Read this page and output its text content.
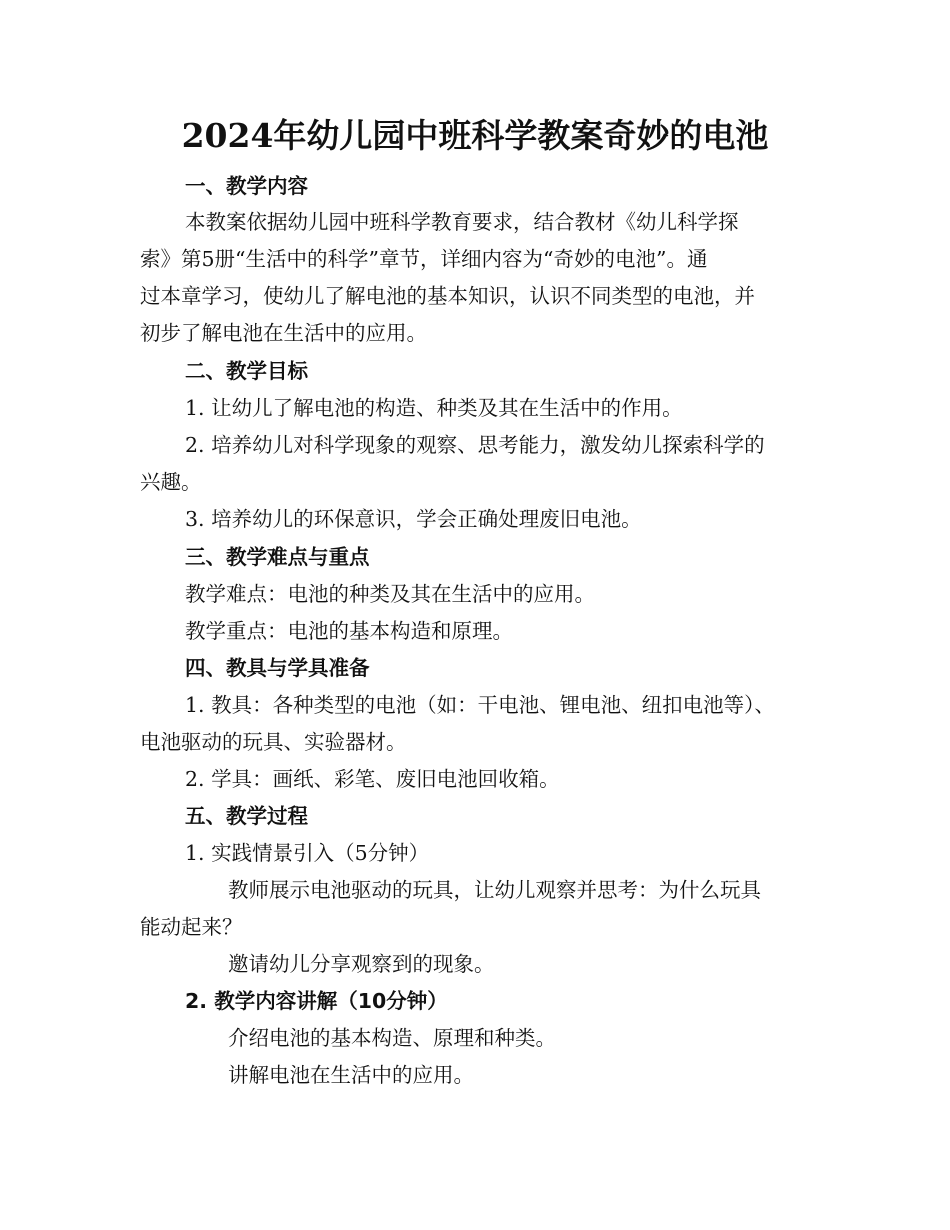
2024年幼儿园中班科学教案奇妙的电池
一、教学内容
本教案依据幼儿园中班科学教育要求，结合教材《幼儿科学探
索》第5册“生活中的科学”章节，详细内容为“奇妙的电池”。通
过本章学习，使幼儿了解电池的基本知识，认识不同类型的电池，并
初步了解电池在生活中的应用。
二、教学目标
1. 让幼儿了解电池的构造、种类及其在生活中的作用。
2. 培养幼儿对科学现象的观察、思考能力，激发幼儿探索科学的
兴趣。
3. 培养幼儿的环保意识，学会正确处理废旧电池。
三、教学难点与重点
教学难点：电池的种类及其在生活中的应用。
教学重点：电池的基本构造和原理。
四、教具与学具准备
1. 教具：各种类型的电池（如：干电池、锂电池、纽扣电池等）、
电池驱动的玩具、实验器材。
2. 学具：画纸、彩笔、废旧电池回收箱。
五、教学过程
1. 实践情景引入（5分钟）
教师展示电池驱动的玩具，让幼儿观察并思考：为什么玩具
能动起来？
邀请幼儿分享观察到的现象。
2. 教学内容讲解（10分钟）
介绍电池的基本构造、原理和种类。
讲解电池在生活中的应用。
